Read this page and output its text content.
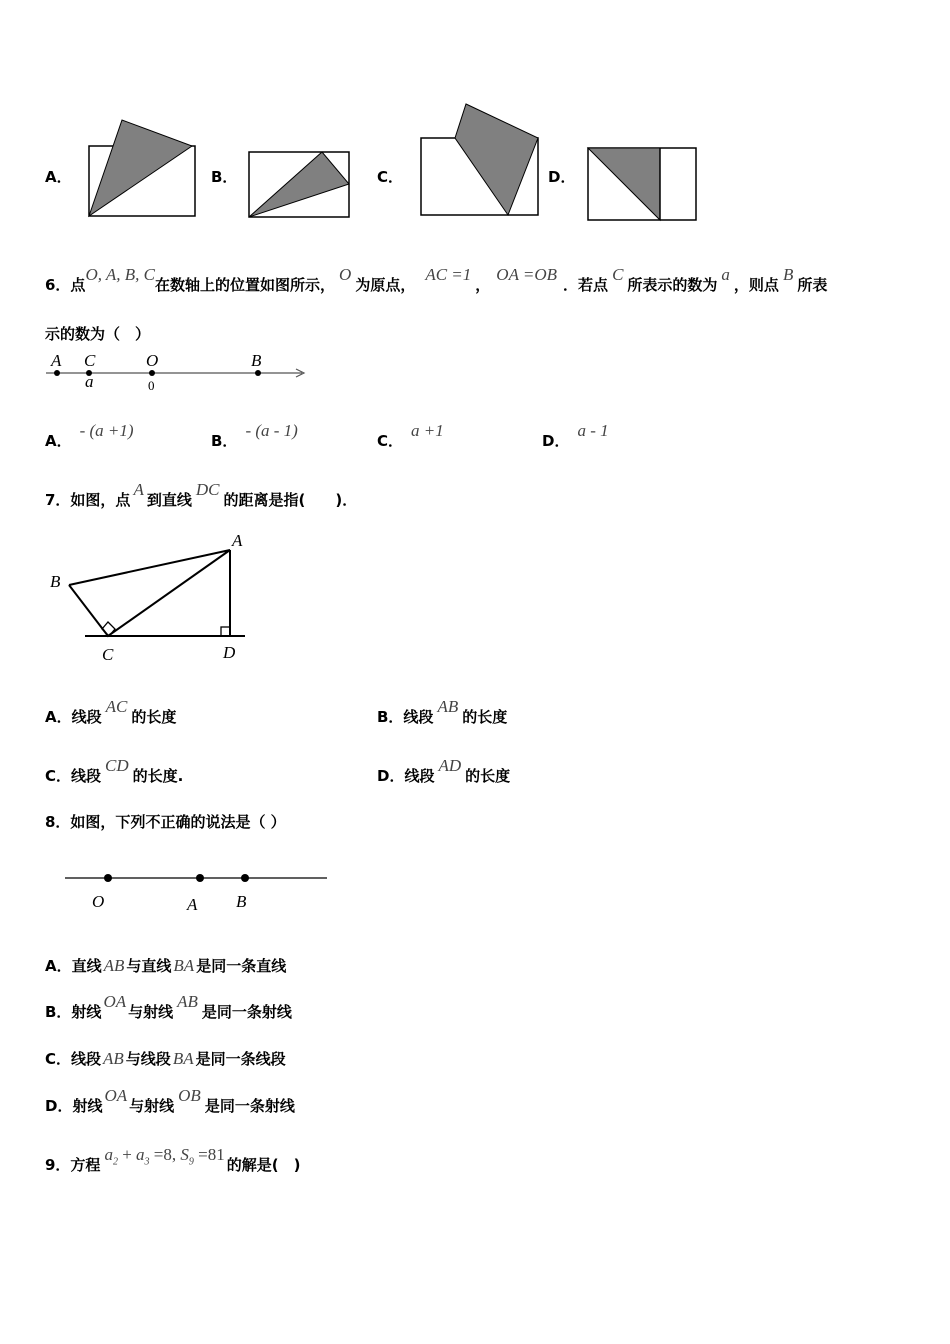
A．	B．	C．	D．
6．点O, A, B, C在数轴上的位置如图所示，O为原点，AC =1，OA =OB．若点C所表示的数为a，则点B所表
示的数为（　）
A C	O	B
a	0
A．- (a +1)
B．- (a - 1)
C．a +1
D．a - 1
7．如图，点A到直线DC的距离是指(　　)．
A
B
C	D
A．线段AC的长度	B．线段AB的长度
C．线段CD的长度.	D．线段AD的长度
8．如图，下列不正确的说法是（ ）
O	A B
A．直线 AB 与直线 BA 是同一条直线
B．射线OA与射线AB是同一条射线
C．线段 AB 与线段 BA 是同一条线段
D．射线OA与射线OB是同一条射线
9．方程$a_2 + a_3 =8$, $S_9 =81$的解是(　)
